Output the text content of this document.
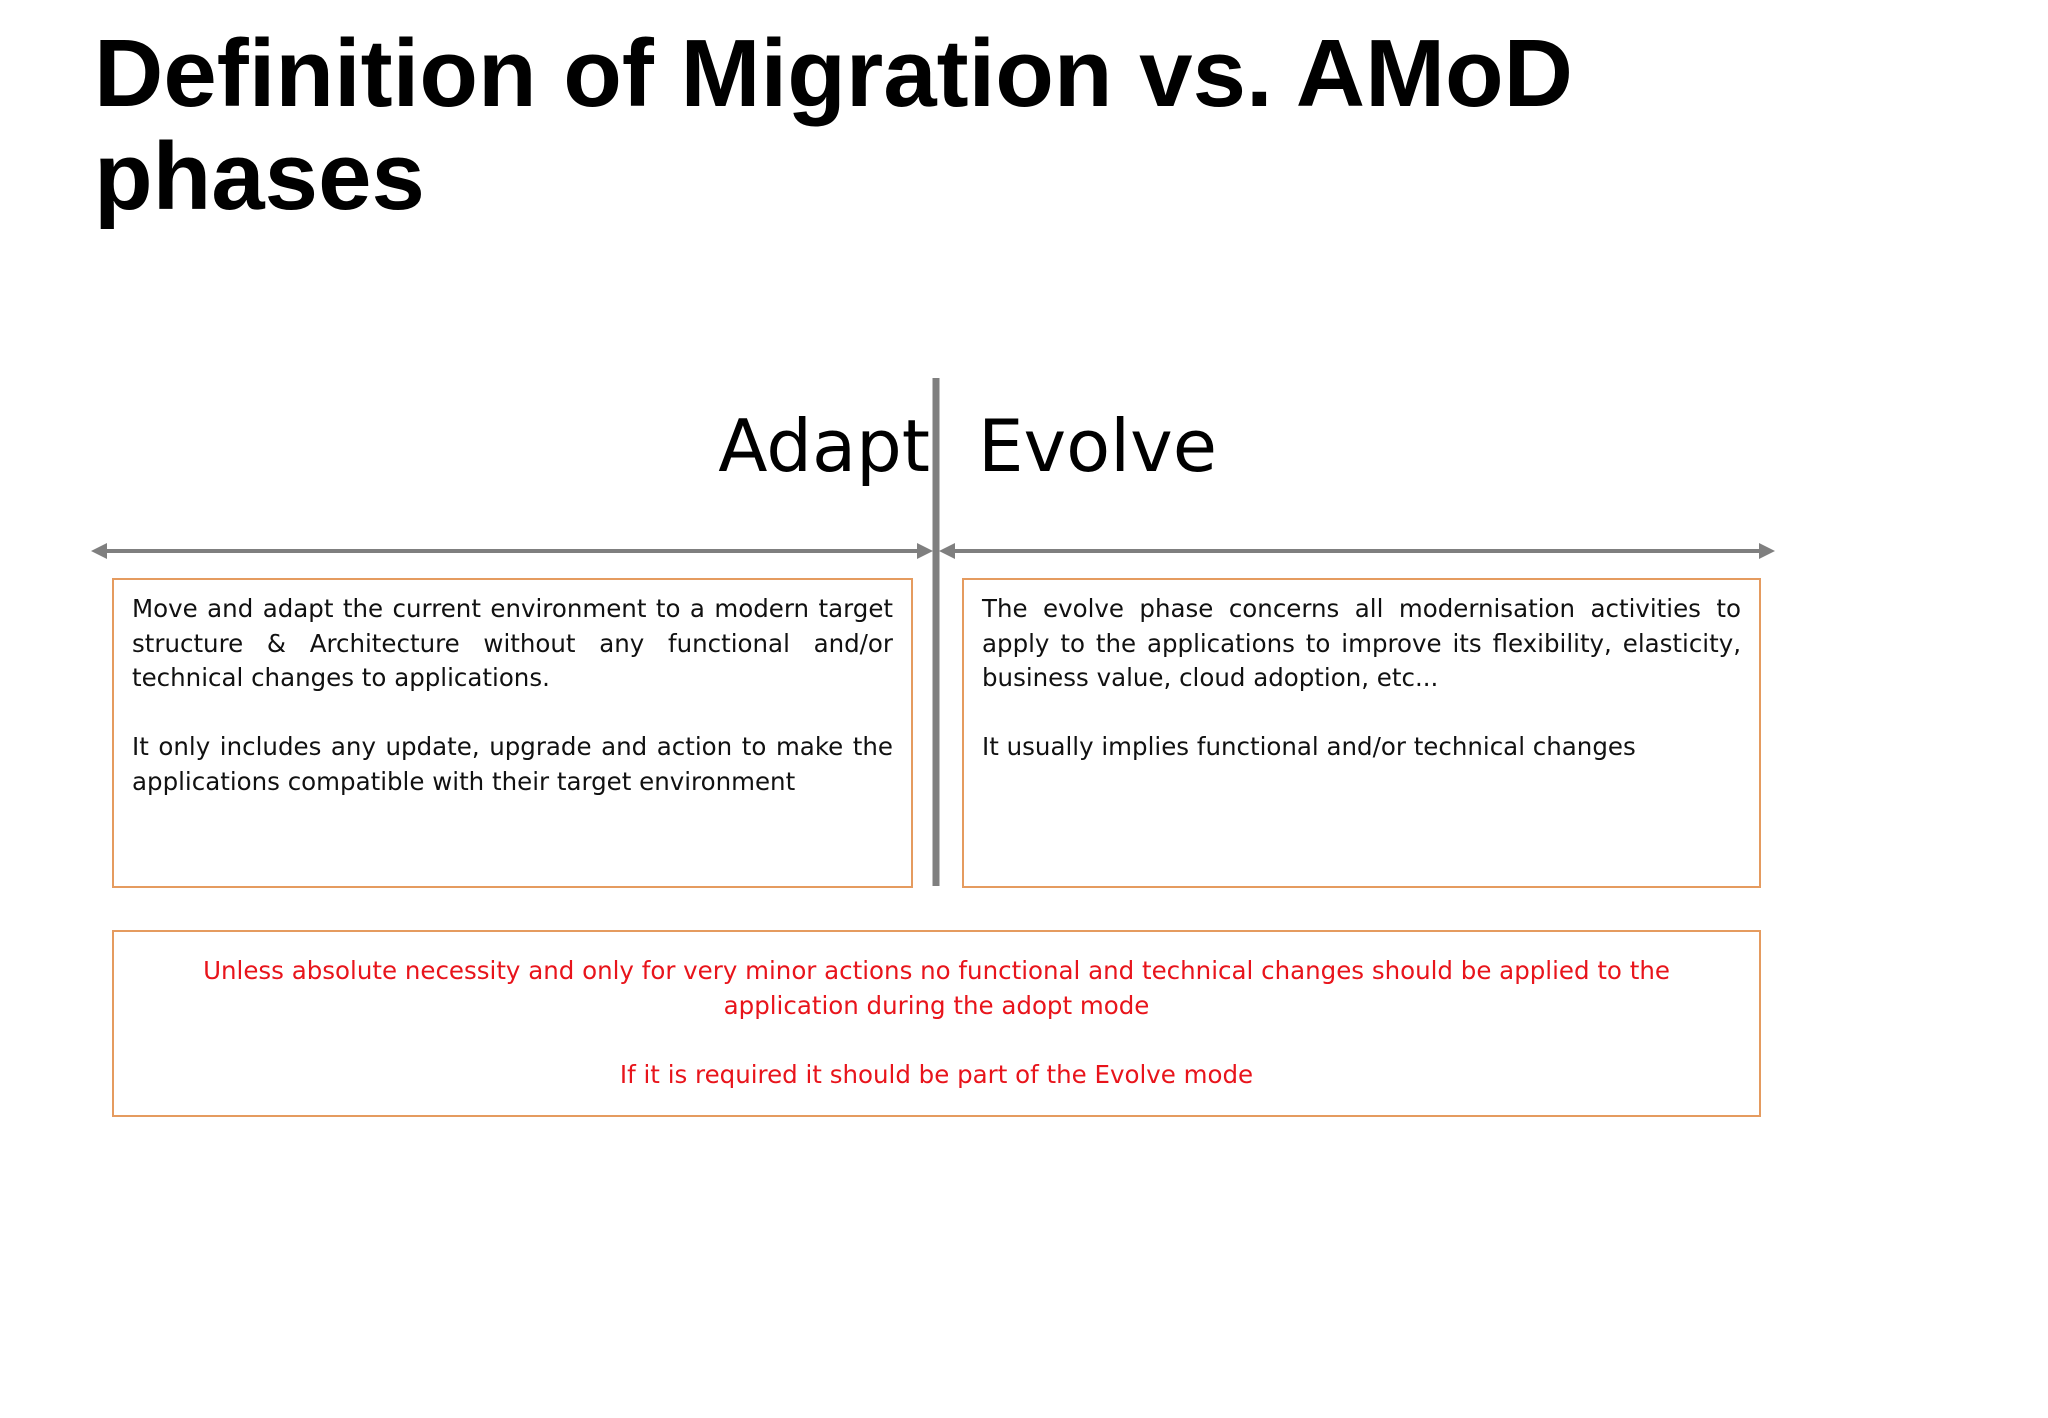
Definition of Migration vs. AMoD phases
Adapt Evolve

Move and adapt the current environment to a modern target structure & Architecture without any functional and/or technical changes to applications.

It only includes any update, upgrade and action to make the applications compatible with their target environment

The evolve phase concerns all modernisation activities to apply to the applications to improve its flexibility, elasticity, business value, cloud adoption, etc...

It usually implies functional and/or technical changes

Unless absolute necessity and only for very minor actions no functional and technical changes should be applied to the application during the adopt mode

If it is required it should be part of the Evolve mode
